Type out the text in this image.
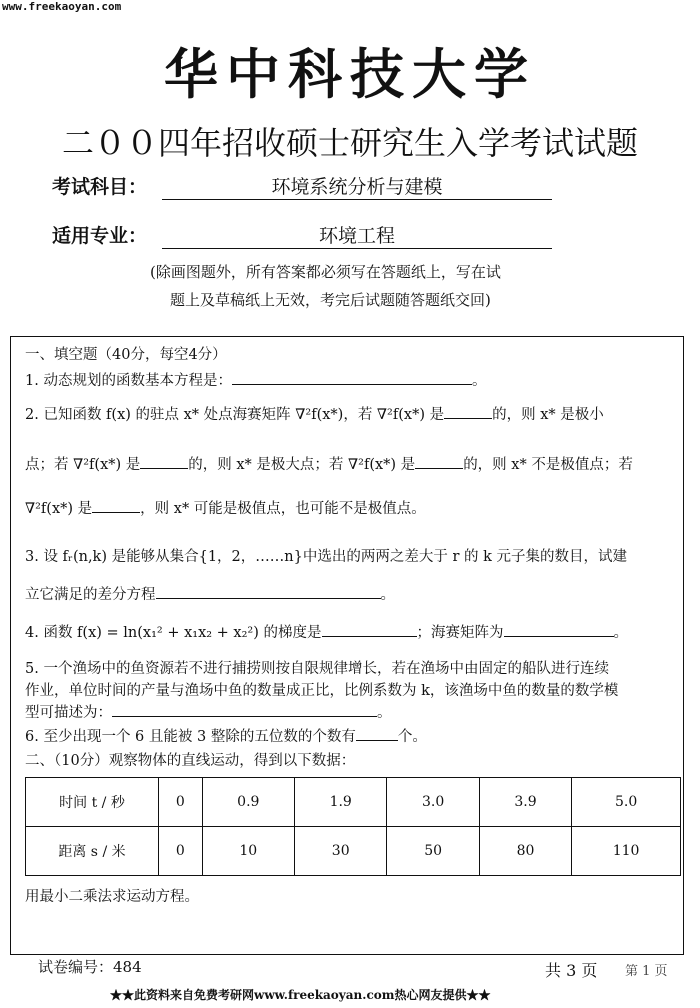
www.freekaoyan.com
华中科技大学
二００四年招收硕士研究生入学考试试题
考试科目：	环境系统分析与建模
适用专业：	环境工程
(除画图题外，所有答案都必须写在答题纸上，写在试
题上及草稿纸上无效，考完后试题随答题纸交回)
一、填空题（40分，每空4分）
1. 动态规划的函数基本方程是：	。
2. 已知函数 f(x) 的驻点 x* 处点海赛矩阵 ∇²f(x*)，若 ∇²f(x*) 是	的，则 x* 是极小
点；若 ∇²f(x*) 是	的，则 x* 是极大点；若 ∇²f(x*) 是	的，则 x* 不是极值点；若
∇²f(x*) 是	，则 x* 可能是极值点，也可能不是极值点。
3. 设 fᵣ(n,k) 是能够从集合{1，2，……n}中选出的两两之差大于 r 的 k 元子集的数目，试建
立它满足的差分方程	。
4. 函数 f(x) = ln(x₁² + x₁x₂ + x₂²) 的梯度是	；海赛矩阵为	。
5. 一个渔场中的鱼资源若不进行捕捞则按自限规律增长，若在渔场中由固定的船队进行连续
作业，单位时间的产量与渔场中鱼的数量成正比，比例系数为 k，该渔场中鱼的数量的数学模
型可描述为：	。
6. 至少出现一个 6 且能被 3 整除的五位数的个数有	个。
二、（10分）观察物体的直线运动，得到以下数据：
时间 t / 秒	0	0.9	1.9	3.0	3.9	5.0
距离 s / 米	0	10	30	50	80	110
用最小二乘法求运动方程。
试卷编号：484	共 3 页 第 1 页
★★此资料来自免费考研网www.freekaoyan.com热心网友提供★★
